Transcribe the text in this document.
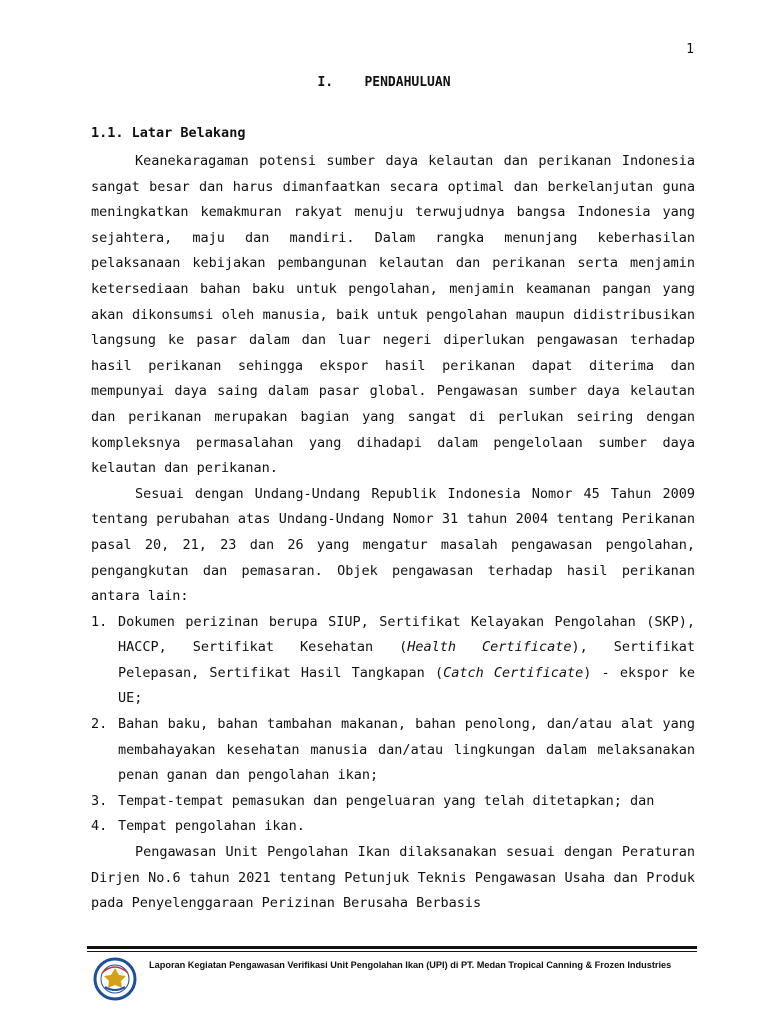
1
I. PENDAHULUAN
1.1. Latar Belakang

Keanekaragaman potensi sumber daya kelautan dan perikanan Indonesia sangat besar dan harus dimanfaatkan secara optimal dan berkelanjutan guna meningkatkan kemakmuran rakyat menuju terwujudnya bangsa Indonesia yang sejahtera, maju dan mandiri. Dalam rangka menunjang keberhasilan pelaksanaan kebijakan pembangunan kelautan dan perikanan serta menjamin ketersediaan bahan baku untuk pengolahan, menjamin keamanan pangan yang akan dikonsumsi oleh manusia, baik untuk pengolahan maupun didistribusikan langsung ke pasar dalam dan luar negeri diperlukan pengawasan terhadap hasil perikanan sehingga ekspor hasil perikanan dapat diterima dan mempunyai daya saing dalam pasar global. Pengawasan sumber daya kelautan dan perikanan merupakan bagian yang sangat di perlukan seiring dengan kompleksnya permasalahan yang dihadapi dalam pengelolaan sumber daya kelautan dan perikanan.

Sesuai dengan Undang-Undang Republik Indonesia Nomor 45 Tahun 2009 tentang perubahan atas Undang-Undang Nomor 31 tahun 2004 tentang Perikanan pasal 20, 21, 23 dan 26 yang mengatur masalah pengawasan pengolahan, pengangkutan dan pemasaran. Objek pengawasan terhadap hasil perikanan antara lain:

1. Dokumen perizinan berupa SIUP, Sertifikat Kelayakan Pengolahan (SKP), HACCP, Sertifikat Kesehatan (Health Certificate), Sertifikat Pelepasan, Sertifikat Hasil Tangkapan (Catch Certificate) - ekspor ke UE;
2. Bahan baku, bahan tambahan makanan, bahan penolong, dan/atau alat yang membahayakan kesehatan manusia dan/atau lingkungan dalam melaksanakan penan ganan dan pengolahan ikan;
3. Tempat-tempat pemasukan dan pengeluaran yang telah ditetapkan; dan
4. Tempat pengolahan ikan.

Pengawasan Unit Pengolahan Ikan dilaksanakan sesuai dengan Peraturan Dirjen No.6 tahun 2021 tentang Petunjuk Teknis Pengawasan Usaha dan Produk pada Penyelenggaraan Perizinan Berusaha Berbasis

Laporan Kegiatan Pengawasan Verifikasi Unit Pengolahan Ikan (UPI) di PT. Medan Tropical Canning & Frozen Industries
